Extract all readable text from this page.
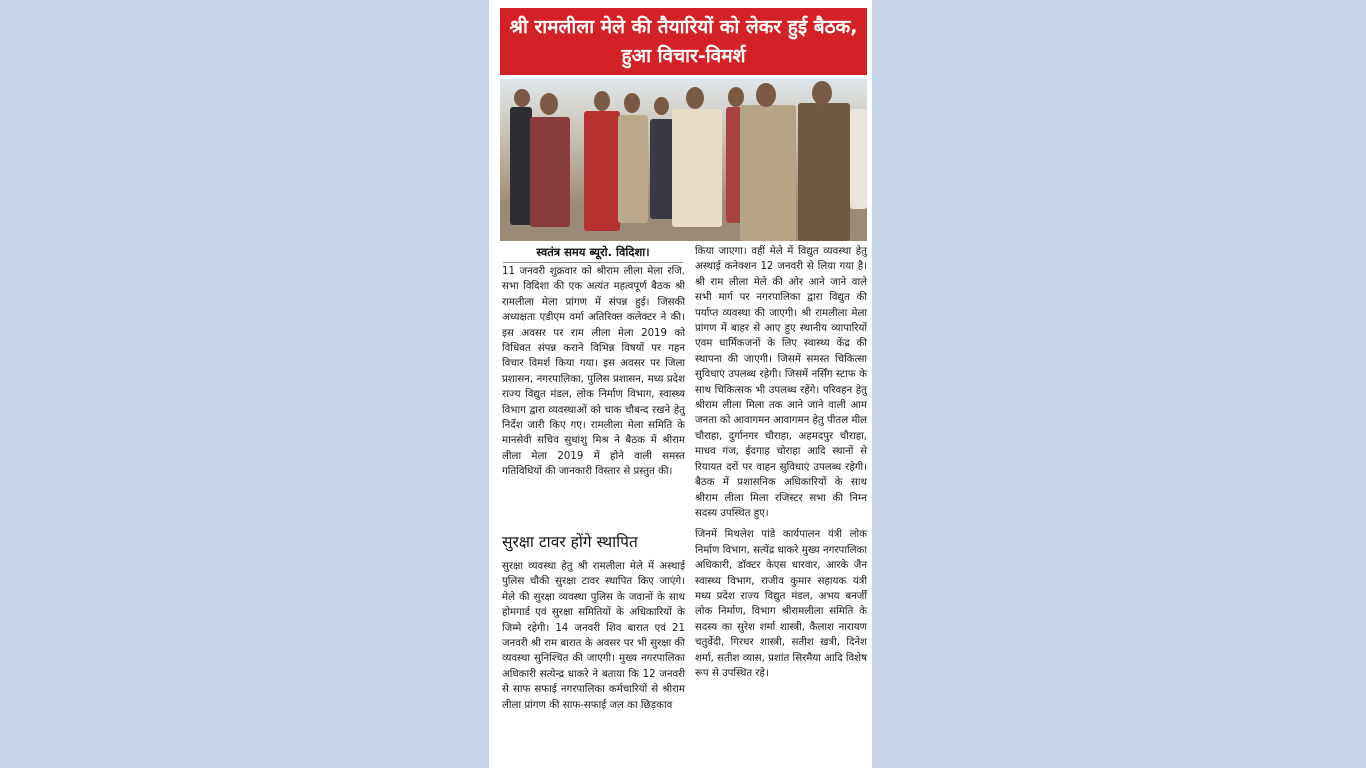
श्री रामलीला मेले की तैयारियों को लेकर हुई बैठक, हुआ विचार-विमर्श
स्वतंत्र समय ब्यूरो. विदिशा।

11 जनवरी शुक्रवार को श्रीराम लीला मेला रजि. सभा विदिशा की एक अत्यंत महत्वपूर्ण बैठक श्री रामलीला मेला प्रांगण में संपन्न हुई। जिसकी अध्यक्षता एडीएम वर्मा अतिरिक्त कलेक्टर ने की। इस अवसर पर राम लीला मेला 2019 को विधिवत संपन्न कराने विभिन्न विषयों पर गहन विचार विमर्श किया गया। इस अवसर पर जिला प्रशासन, नगरपालिका, पुलिस प्रशासन, मध्य प्रदेश राज्य विद्युत मंडल, लोक निर्माण विभाग, स्वास्थ्य विभाग द्वारा व्यवस्थाओं को चाक चौबन्द रखने हेतु निर्देश जारी किए गए। रामलीला मेला समिति के मानसेवी सचिव सुधांशु मिश्र ने बैठक में श्रीराम लीला मेला 2019 में होने वाली समस्त गतिविधियों की जानकारी विस्तार से प्रस्तुत की।

सुरक्षा टावर होंगे स्थापित

सुरक्षा व्यवस्था हेतु श्री रामलीला मेले में अस्थाई पुलिस चौकी सुरक्षा टावर स्थापित किए जाएंगे। मेले की सुरक्षा व्यवस्था पुलिस के जवानों के साथ होमगार्ड एवं सुरक्षा समितियों के अधिकारियों के जिम्मे रहेगी। 14 जनवरी शिव बारात एवं 21 जनवरी श्री राम बारात के अवसर पर भी सुरक्षा की व्यवस्था सुनिश्चित की जाएगी। मुख्य नगरपालिका अधिकारी सत्येन्द्र धाकरे ने बताया कि 12 जनवरी से साफ सफाई नगरपालिका कर्मचारियों से श्रीराम लीला प्रांगण की साफ-सफाई जल का छिड़काव

किया जाएगा। वहीं मेले में विद्युत व्यवस्था हेतु अस्थाई कनेक्शन 12 जनवरी से लिया गया है। श्री राम लीला मेले की ओर आने जाने वाले सभी मार्ग पर नगरपालिका द्वारा विद्युत की पर्याप्त व्यवस्था की जाएगी। श्री रामलीला मेला प्रांगण में बाहर से आए हुए स्थानीय व्यापारियों एवम धार्मिकजनों के लिए स्वास्थ्य केंद्र की स्थापना की जाएगी। जिसमें समस्त चिकित्सा सुविधाएं उपलब्ध रहेगी। जिसमें नर्सिंग स्टाफ के साथ चिकित्सक भी उपलब्ध रहेंगे। परिवहन हेतु श्रीराम लीला मिला तक आने जाने वाली आम जनता को आवागमन आवागमन हेतु पीतल मील चौराहा, दुर्गानगर चौराहा, अहमदपुर चौराहा, माधव गंज, ईदगाह चोराहा आदि स्थानों से रियायत दरों पर वाहन सुविधाएं उपलब्ध रहेगी। बैठक में प्रशासनिक अधिकारियों के साथ श्रीराम लीला मिला रजिस्टर सभा की निम्न सदस्य उपस्थित हुए।

जिनमें मिथलेश पांडे कार्यपालन यंत्री लोक निर्माण विभाग, सत्येंद्र धाकरे मुख्य नगरपालिका अधिकारी, डॉक्टर केएस धारवार, आरके जैन स्वास्थ्य विभाग, राजीव कुमार सहायक यंत्री मध्य प्रदेश राज्य विद्युत मंडल, अभय बनर्जी लोक निर्माण, विभाग श्रीरामलीला समिति के सदस्य का सुरेश शर्मा शास्त्री, कैलाश नारायण चतुर्वेदी, गिरधर शास्त्री, सतीश खत्री, दिनेश शर्मा, सतीश व्यास, प्रशांत सिरमैया आदि विशेष रूप से उपस्थित रहे।
